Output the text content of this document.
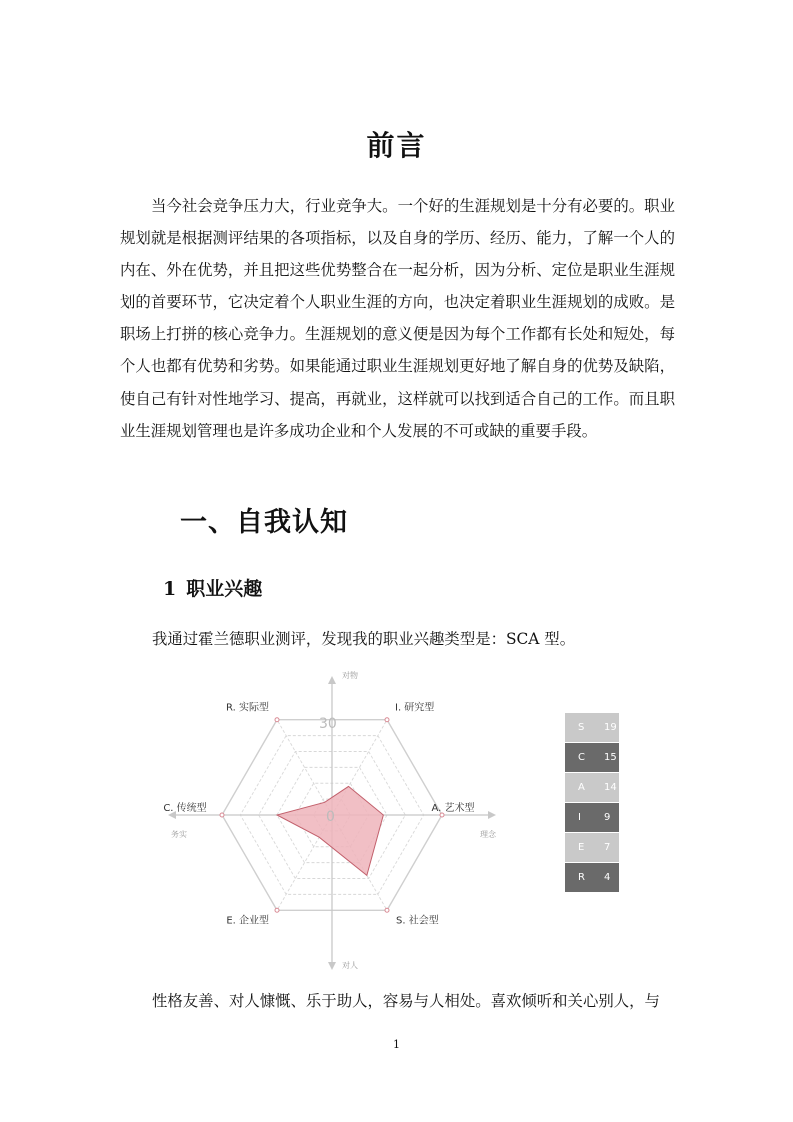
前言

当今社会竞争压力大，行业竞争大。一个好的生涯规划是十分有必要的。职业规划就是根据测评结果的各项指标，以及自身的学历、经历、能力，了解一个人的内在、外在优势，并且把这些优势整合在一起分析，因为分析、定位是职业生涯规划的首要环节，它决定着个人职业生涯的方向，也决定着职业生涯规划的成败。是职场上打拼的核心竞争力。生涯规划的意义便是因为每个工作都有长处和短处，每个人也都有优势和劣势。如果能通过职业生涯规划更好地了解自身的优势及缺陷，使自己有针对性地学习、提高，再就业，这样就可以找到适合自己的工作。而且职业生涯规划管理也是许多成功企业和个人发展的不可或缺的重要手段。

一、自我认知
1 职业兴趣

我通过霍兰德职业测评，发现我的职业兴趣类型是：SCA 型。

对物
对人
务实	理念
30
0
I. 研究型
A. 艺术型
S. 社会型
E. 企业型
C. 传统型
R. 实际型
S	19
C	15
A	14
I	9
E	7
R	4

性格友善、对人慷慨、乐于助人，容易与人相处。喜欢倾听和关心别人，与

1
